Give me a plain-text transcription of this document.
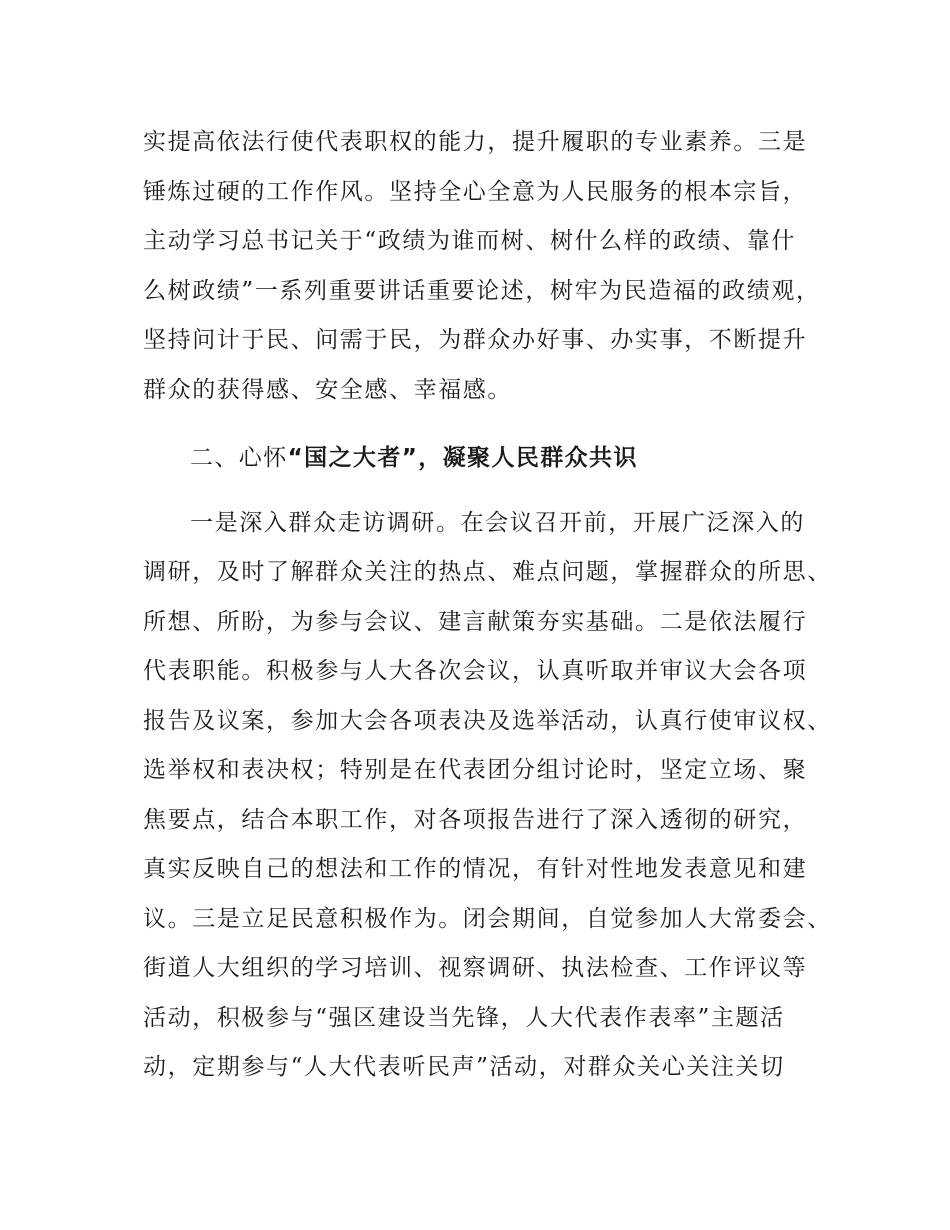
实提高依法行使代表职权的能力，提升履职的专业素养。三是
锤炼过硬的工作作风。坚持全心全意为人民服务的根本宗旨，
主动学习总书记关于“政绩为谁而树、树什么样的政绩、靠什
么树政绩”一系列重要讲话重要论述，树牢为民造福的政绩观，
坚持问计于民、问需于民，为群众办好事、办实事，不断提升
群众的获得感、安全感、幸福感。
二、心怀“国之大者”，凝聚人民群众共识
一是深入群众走访调研。在会议召开前，开展广泛深入的
调研，及时了解群众关注的热点、难点问题，掌握群众的所思、
所想、所盼，为参与会议、建言献策夯实基础。二是依法履行
代表职能。积极参与人大各次会议，认真听取并审议大会各项
报告及议案，参加大会各项表决及选举活动，认真行使审议权、
选举权和表决权；特别是在代表团分组讨论时，坚定立场、聚
焦要点，结合本职工作，对各项报告进行了深入透彻的研究，
真实反映自己的想法和工作的情况，有针对性地发表意见和建
议。三是立足民意积极作为。闭会期间，自觉参加人大常委会、
街道人大组织的学习培训、视察调研、执法检查、工作评议等
活动，积极参与“强区建设当先锋，人大代表作表率”主题活
动，定期参与“人大代表听民声”活动，对群众关心关注关切
